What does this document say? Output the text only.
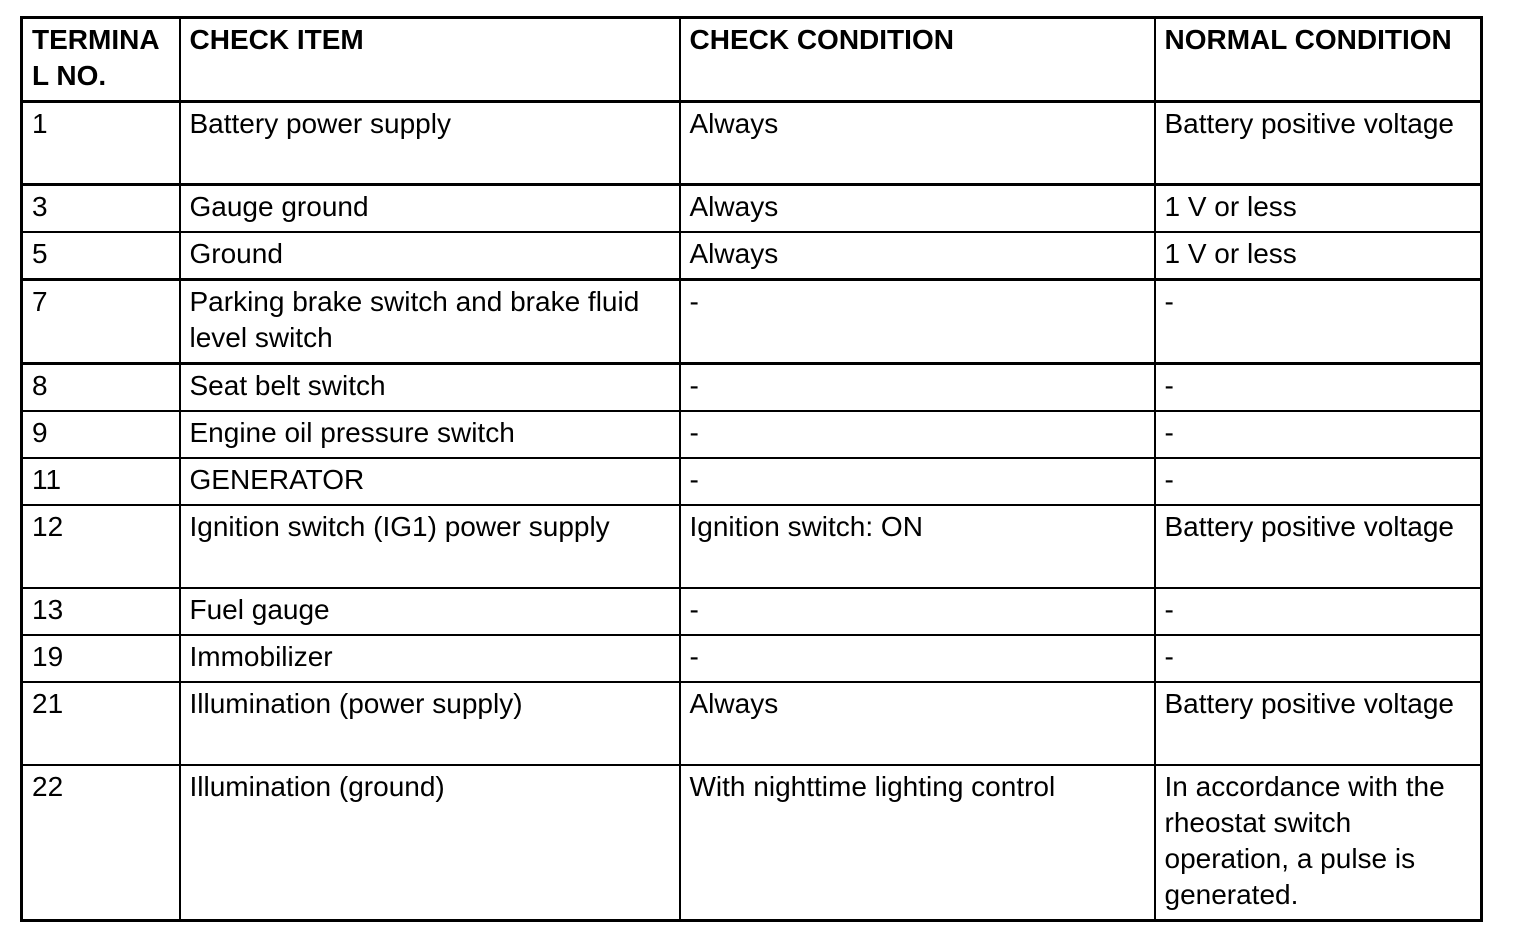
TERMINA L NO.	CHECK ITEM	CHECK CONDITION	NORMAL CONDITION
1	Battery power supply	Always	Battery positive voltage
3	Gauge ground	Always	1 V or less
5	Ground	Always	1 V or less
7	Parking brake switch and brake fluid level switch	-	-
8	Seat belt switch	-	-
9	Engine oil pressure switch	-	-
11	GENERATOR	-	-
12	Ignition switch (IG1) power supply	Ignition switch: ON	Battery positive voltage
13	Fuel gauge	-	-
19	Immobilizer	-	-
21	Illumination (power supply)	Always	Battery positive voltage
22	Illumination (ground)	With nighttime lighting control	In accordance with the rheostat switch operation, a pulse is generated.
